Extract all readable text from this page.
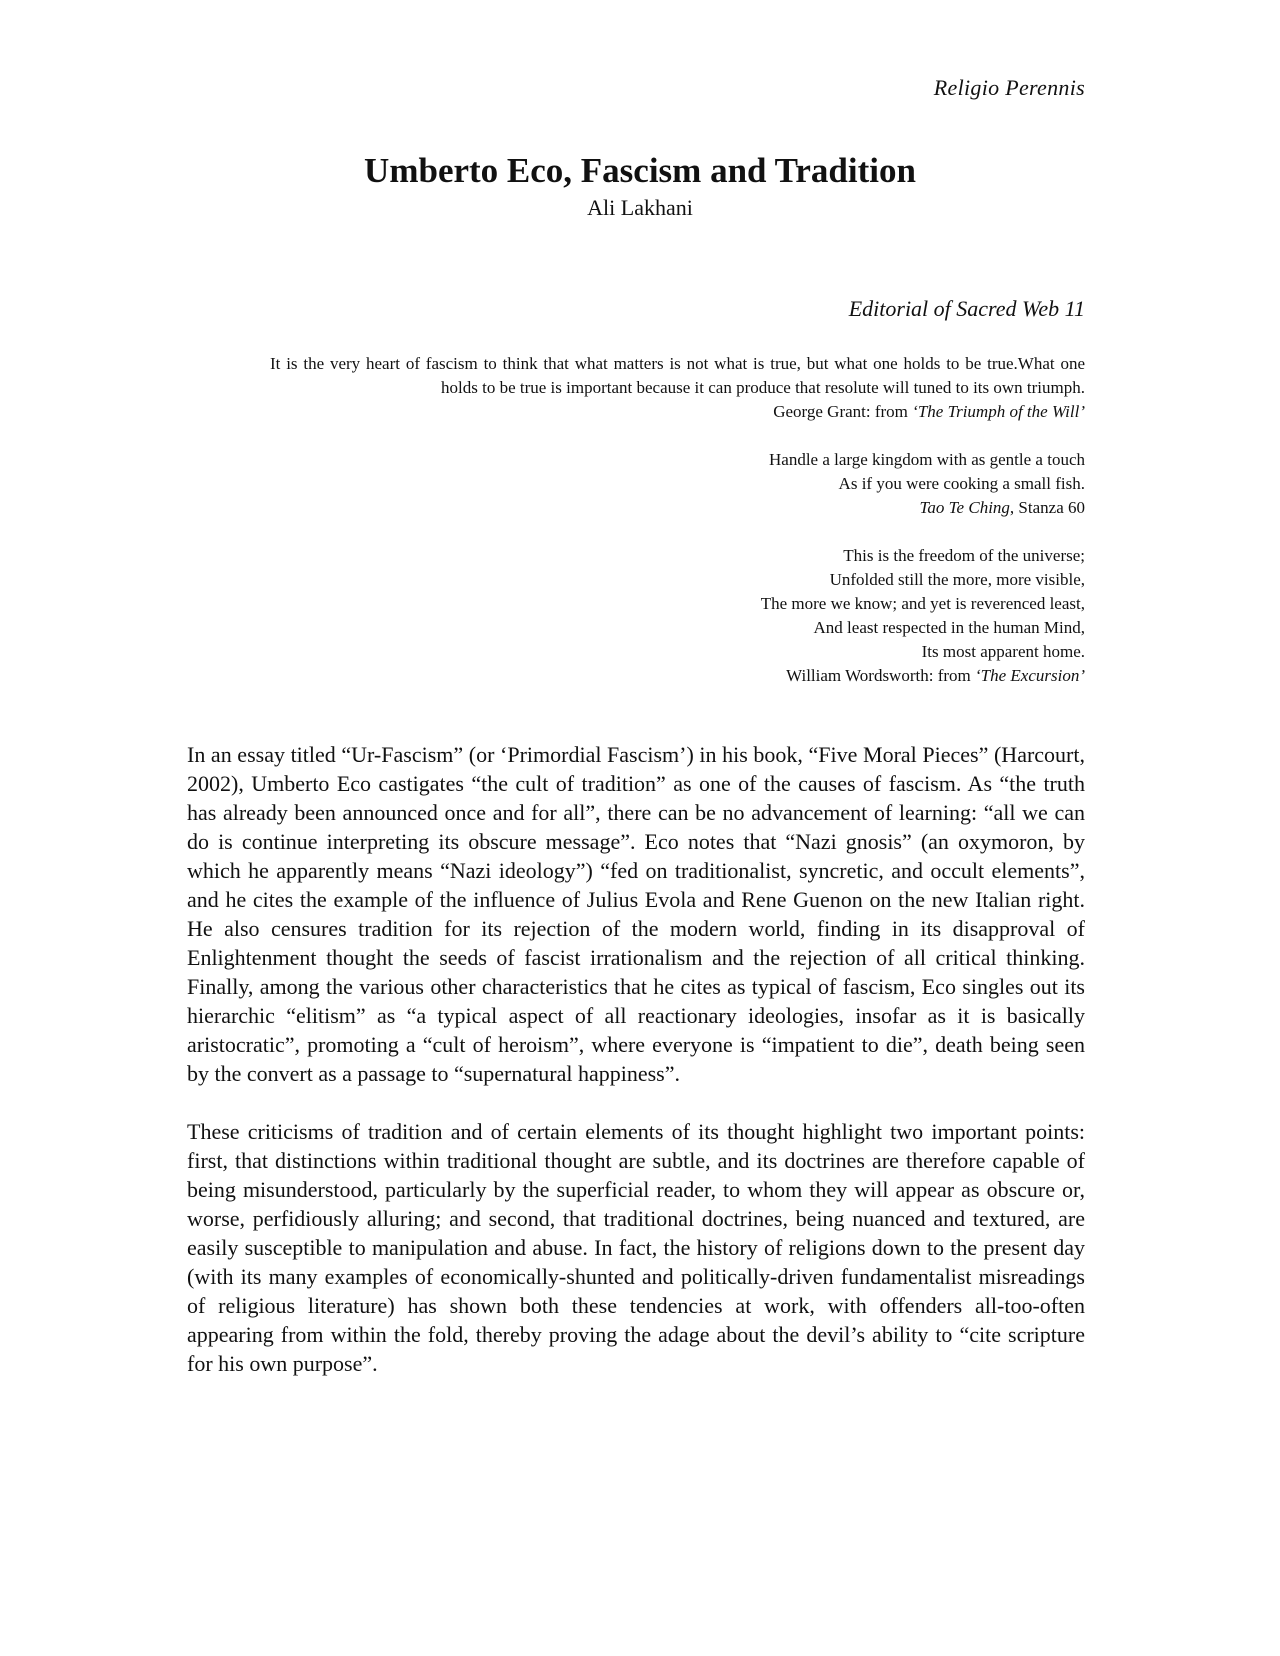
Religio Perennis
Umberto Eco, Fascism and Tradition
Ali Lakhani
Editorial of Sacred Web 11

It is the very heart of fascism to think that what matters is not what is true, but what one holds to be true.What one holds to be true is important because it can produce that resolute will tuned to its own triumph.

George Grant: from ‘The Triumph of the Will’

Handle a large kingdom with as gentle a touch

As if you were cooking a small fish.

Tao Te Ching, Stanza 60

This is the freedom of the universe;

Unfolded still the more, more visible,

The more we know; and yet is reverenced least,

And least respected in the human Mind,

Its most apparent home.

William Wordsworth: from ‘The Excursion’

In an essay titled “Ur-Fascism” (or ‘Primordial Fascism’) in his book, “Five Moral Pieces” (Harcourt, 2002), Umberto Eco castigates “the cult of tradition” as one of the causes of fascism. As “the truth has already been announced once and for all”, there can be no advancement of learning: “all we can do is continue interpreting its obscure message”. Eco notes that “Nazi gnosis” (an oxymoron, by which he apparently means “Nazi ideology”) “fed on traditionalist, syncretic, and occult elements”, and he cites the example of the influence of Julius Evola and Rene Guenon on the new Italian right. He also censures tradition for its rejection of the modern world, finding in its disapproval of Enlightenment thought the seeds of fascist irrationalism and the rejection of all critical thinking. Finally, among the various other characteristics that he cites as typical of fascism, Eco singles out its hierarchic “elitism” as “a typical aspect of all reactionary ideologies, insofar as it is basically aristocratic”, promoting a “cult of heroism”, where everyone is “impatient to die”, death being seen by the convert as a passage to “supernatural happiness”.

These criticisms of tradition and of certain elements of its thought highlight two important points: first, that distinctions within traditional thought are subtle, and its doctrines are therefore capable of being misunderstood, particularly by the superficial reader, to whom they will appear as obscure or, worse, perfidiously alluring; and second, that traditional doctrines, being nuanced and textured, are easily susceptible to manipulation and abuse. In fact, the history of religions down to the present day (with its many examples of economically-shunted and politically-driven fundamentalist misreadings of religious literature) has shown both these tendencies at work, with offenders all-too-often appearing from within the fold, thereby proving the adage about the devil’s ability to “cite scripture for his own purpose”.
